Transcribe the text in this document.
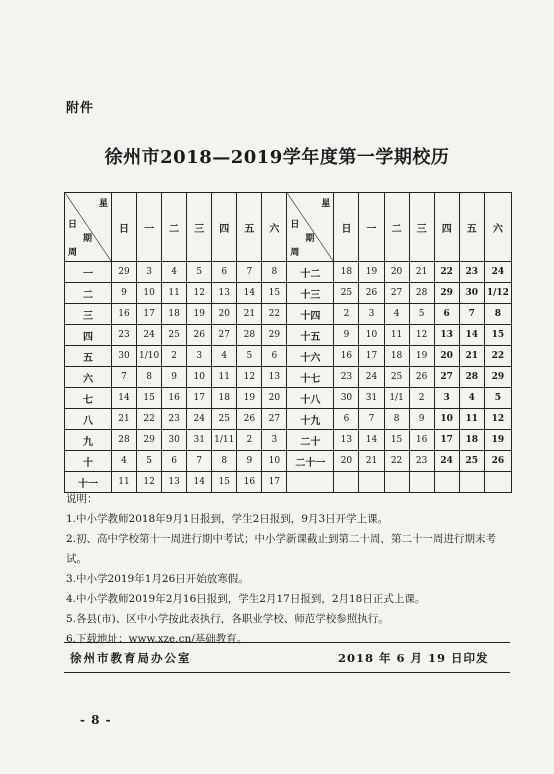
附件
徐州市2018—2019学年度第一学期校历
星
日
期
周	日	一	二	三	四	五	六	星
日
期
周	日	一	二	三	四	五	六
一	29	3	4	5	6	7	8	十二	18	19	20	21	22	23	24
二	9	10	11	12	13	14	15	十三	25	26	27	28	29	30	1/12
三	16	17	18	19	20	21	22	十四	2	3	4	5	6	7	8
四	23	24	25	26	27	28	29	十五	9	10	11	12	13	14	15
五	30	1/10	2	3	4	5	6	十六	16	17	18	19	20	21	22
六	7	8	9	10	11	12	13	十七	23	24	25	26	27	28	29
七	14	15	16	17	18	19	20	十八	30	31	1/1	2	3	4	5
八	21	22	23	24	25	26	27	十九	6	7	8	9	10	11	12
九	28	29	30	31	1/11	2	3	二十	13	14	15	16	17	18	19
十	4	5	6	7	8	9	10	二十一	20	21	22	23	24	25	26
十一	11	12	13	14	15	16	17								

说明：

1.中小学教师2018年9月1日报到，学生2日报到，9月3日开学上课。

2.初、高中学校第十一周进行期中考试；中小学新课截止到第二十周，第二十一周进行期末考试。

3.中小学2019年1月26日开始放寒假。

4.中小学教师2019年2月16日报到，学生2月17日报到，2月18日正式上课。

5.各县(市)、区中小学按此表执行，各职业学校、师范学校参照执行。

6.下载地址：www.xze.cn/基础教育。

徐州市教育局办公室	2018 年 6 月 19 日印发
- 8 -
